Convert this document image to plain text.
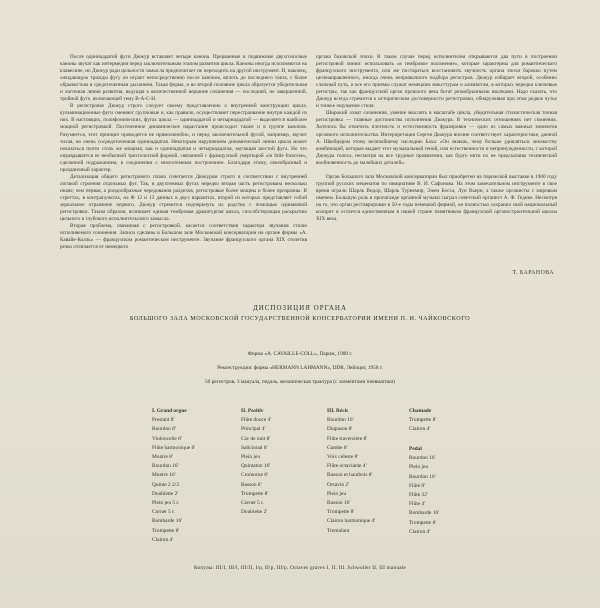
После одиннадцатой фуги Дюжур вставляет четыре канона. Прерванные и подвижные двухголосные каноны звучат как интермедия перед заключительным этапом развития цикла. Каноны иногда исполняются на клавесине, но Дюжур ради цельности замысла предпочитает не переходить на другой инструмент. И, наконец, ожидающую трижды фугу он играет непосредственно после канонов, вплоть до последнего такта, с более обрывистым и средоточенным дыханием. Такая форма, и во второй половине цикла образуется убедительная и логичная линия развития, ведущая к величественной вершине сочинения — последней, не завершенной, тройной фуге, включающей тему B-A-C-H.

В регистровке Дюжур строго следует своему представлению о внутренней конструкции цикла, кульминационные фуги сменяют групповые и, как правило, осуществляют перестраивание внутри каждой из них. В настоящих, полифонических, фугах цикла — одиннадцатой и четырнадцатой — выделяется наиболее мощной регистровкой. Постепенное динамическое нарастание происходит также и в группе канонов. Разумеется, этот принцип проводится не прямолинейно, и перед заключительной фугой, например, звучит тихая, но очень сосредоточенная одиннадцатая. Некоторым нарушением динамической линии цикла может показаться почти столь же мощная, как и одиннадцатая и четырнадцатая, звучащая шестой фуга. Но это оправдывается ее необычной трехголосной формой, связанной с французской увертюрой «in Stile francese», сделанной подражанием, в соединении с многотемным построением. Благодаря этому, своеобразный и праздничный характер.

Детализация общего регистрового плана сочетается Дюжуром строго в соответствии с внутренней логикой строения отдельных фуг. Так, в двухтемных фугах нередко вторая часть регистрована несколько иначе, чем первая, а рондообразные чередования разделов, регистровые более мощны и более прозрачны. В стреттах, в контрапунктах, на Ф 12 и 13 данных в двух вариантах, второй из которых представляет собой зеркальное отражение первого. Дюжур стремится подчеркнуть их родство с помощью одинаковой регистровки. Таким образом, возникает единая тембровая драматургия цикла, способствующая раскрытию цельного и глубокого исполнительского замысла.

Вторая проблема, связанная с регистровкой, касается соответствия характера звучания стилю исполняемого сочинения. Записи сделаны в Большом зале Московской консерватории на органе фирмы «А. Кавайе-Колль» — французском романтическом инструменте. Звучание французского органа XIX столетия резко отличается от немецкого

органа баховской эпохи. В таком случае перед исполнителем открываются два пути в построении регистровой линии: использовать «в тембровое положение», которые характерны для романтического французского инструмента, или же постараться восстановить звучность органа эпохи барокко путем целенаправленного, иногда очень непривычного подбора регистров. Дюжур избирает второй, особенно сложный путь, и все его приемы служат немецким миксттурам и алимвотам, в которых нередки ключевые регистры, так как французский орган прошлого века богат резкобрызными язычками. Надо сказать, что Дюжур всегда стремится к историческим достоверности регистровки, обнаруживая при этом редкое чутье и тонкое ощущение стиля.

Широкий охват сочинения, умение мыслить в масштабе цикла, убедительная стилистическая точная регистровка — главные достоинства исполнения Дюжура. В технических отношениях нет сомнения. Хотелось бы отметить плотность и естественность фразировки — одно из самых важных моментов органного исполнительства. Интерпретация Сергея Дюжура вполне соответствует характеристике, данной А. Швейцером этому величайшему наследию Баха: «Он знаешь, чему больше удивляться: множеству комбинаций, которые выдает этот музыкальный гений, или естественности и непринужденности, с которой Дюжура голоса, несмотря на все трудные проявления, как будто нити их не предсказаны технический вообновенность до малейших деталей».

Орган Большого зала Московской консерватории был приобретен на парижской выставке в 1900 году группой русских меценатов по инициативе В. И. Сафонова. На этом замечательном инструменте в свое время играли Шарль Видор, Шарль Турнемир, Эжен Босса, Луи Вьерн, а также органисты с мировым именем. Большую роль в пропаганде органной музыки сыграл советский органист А. Ф. Гедике. Несмотря на то, что орган реставрирован в 50-е годы немецкой фирмой, он полностью сохранил свой национальный колорит и остается единственным в нашей стране памятником французской органостроительной школы XIX века.

Т. БАРАНОВА
ДИСПОЗИЦИЯ ОРГАНА
БОЛЬШОГО ЗАЛА МОСКОВСКОЙ ГОСУДАРСТВЕННОЙ КОНСЕРВАТОРИИ ИМЕНИ П. И. ЧАЙКОВСКОГО
Фирма «A. CAVAILLE-COLL», Париж, 1900 г.
Реконструкция: фирма «HERMANN LAHMANN», DDR, Лейпциг, 1958 г.
50 регистров, 3 мануала, педаль, механическая трактура (с элементами пневматики)
I. Grand orgue
Prestant 8'
Bourdon 8'
Violoncelle 8'
Flûte harmonique 8'
Montre 8'
Bourdon 16'
Montre 16'
Quinte 2 2/3
Doublette 2'
Plein jeu 5 r.
Cornet 5 r.
Bombarde 16'
Trompette 8'
Clairon 4'
II. Positiv
Flûte douce 4'
Principal 4'
Cor de nuit 8'
Salicional 8'
Plein jeu
Quintaton 16'
Cromorne 8'
Basson 8'
Trompette 8'
Cornet 5 r.
Doublette 2'
III. Récit
Bourdon 16'
Diapason 8'
Flûte traversière 8'
Gambe 8'
Voix céleste 8'
Flûte octaviante 4'
Basson et hautbois 8'
Octavin 2'
Plein jeu
Basson 16'
Trompette 8'
Clairon harmonique 4'
Tremulant
Chamade
Trompette 8'
Clairon 4'
Pedal
Bourdon 16'
Plein jeu
Bourdon 16'
Flûte 8'
Flûte 32'
Flûte 4'
Bombarde 16'
Trompette 8'
Clairon 4'
Копулы: III/I, III/I, III/II, I/p, II/p, III/p. Octaves graves I, II, III. Schwoller II, III manuale
